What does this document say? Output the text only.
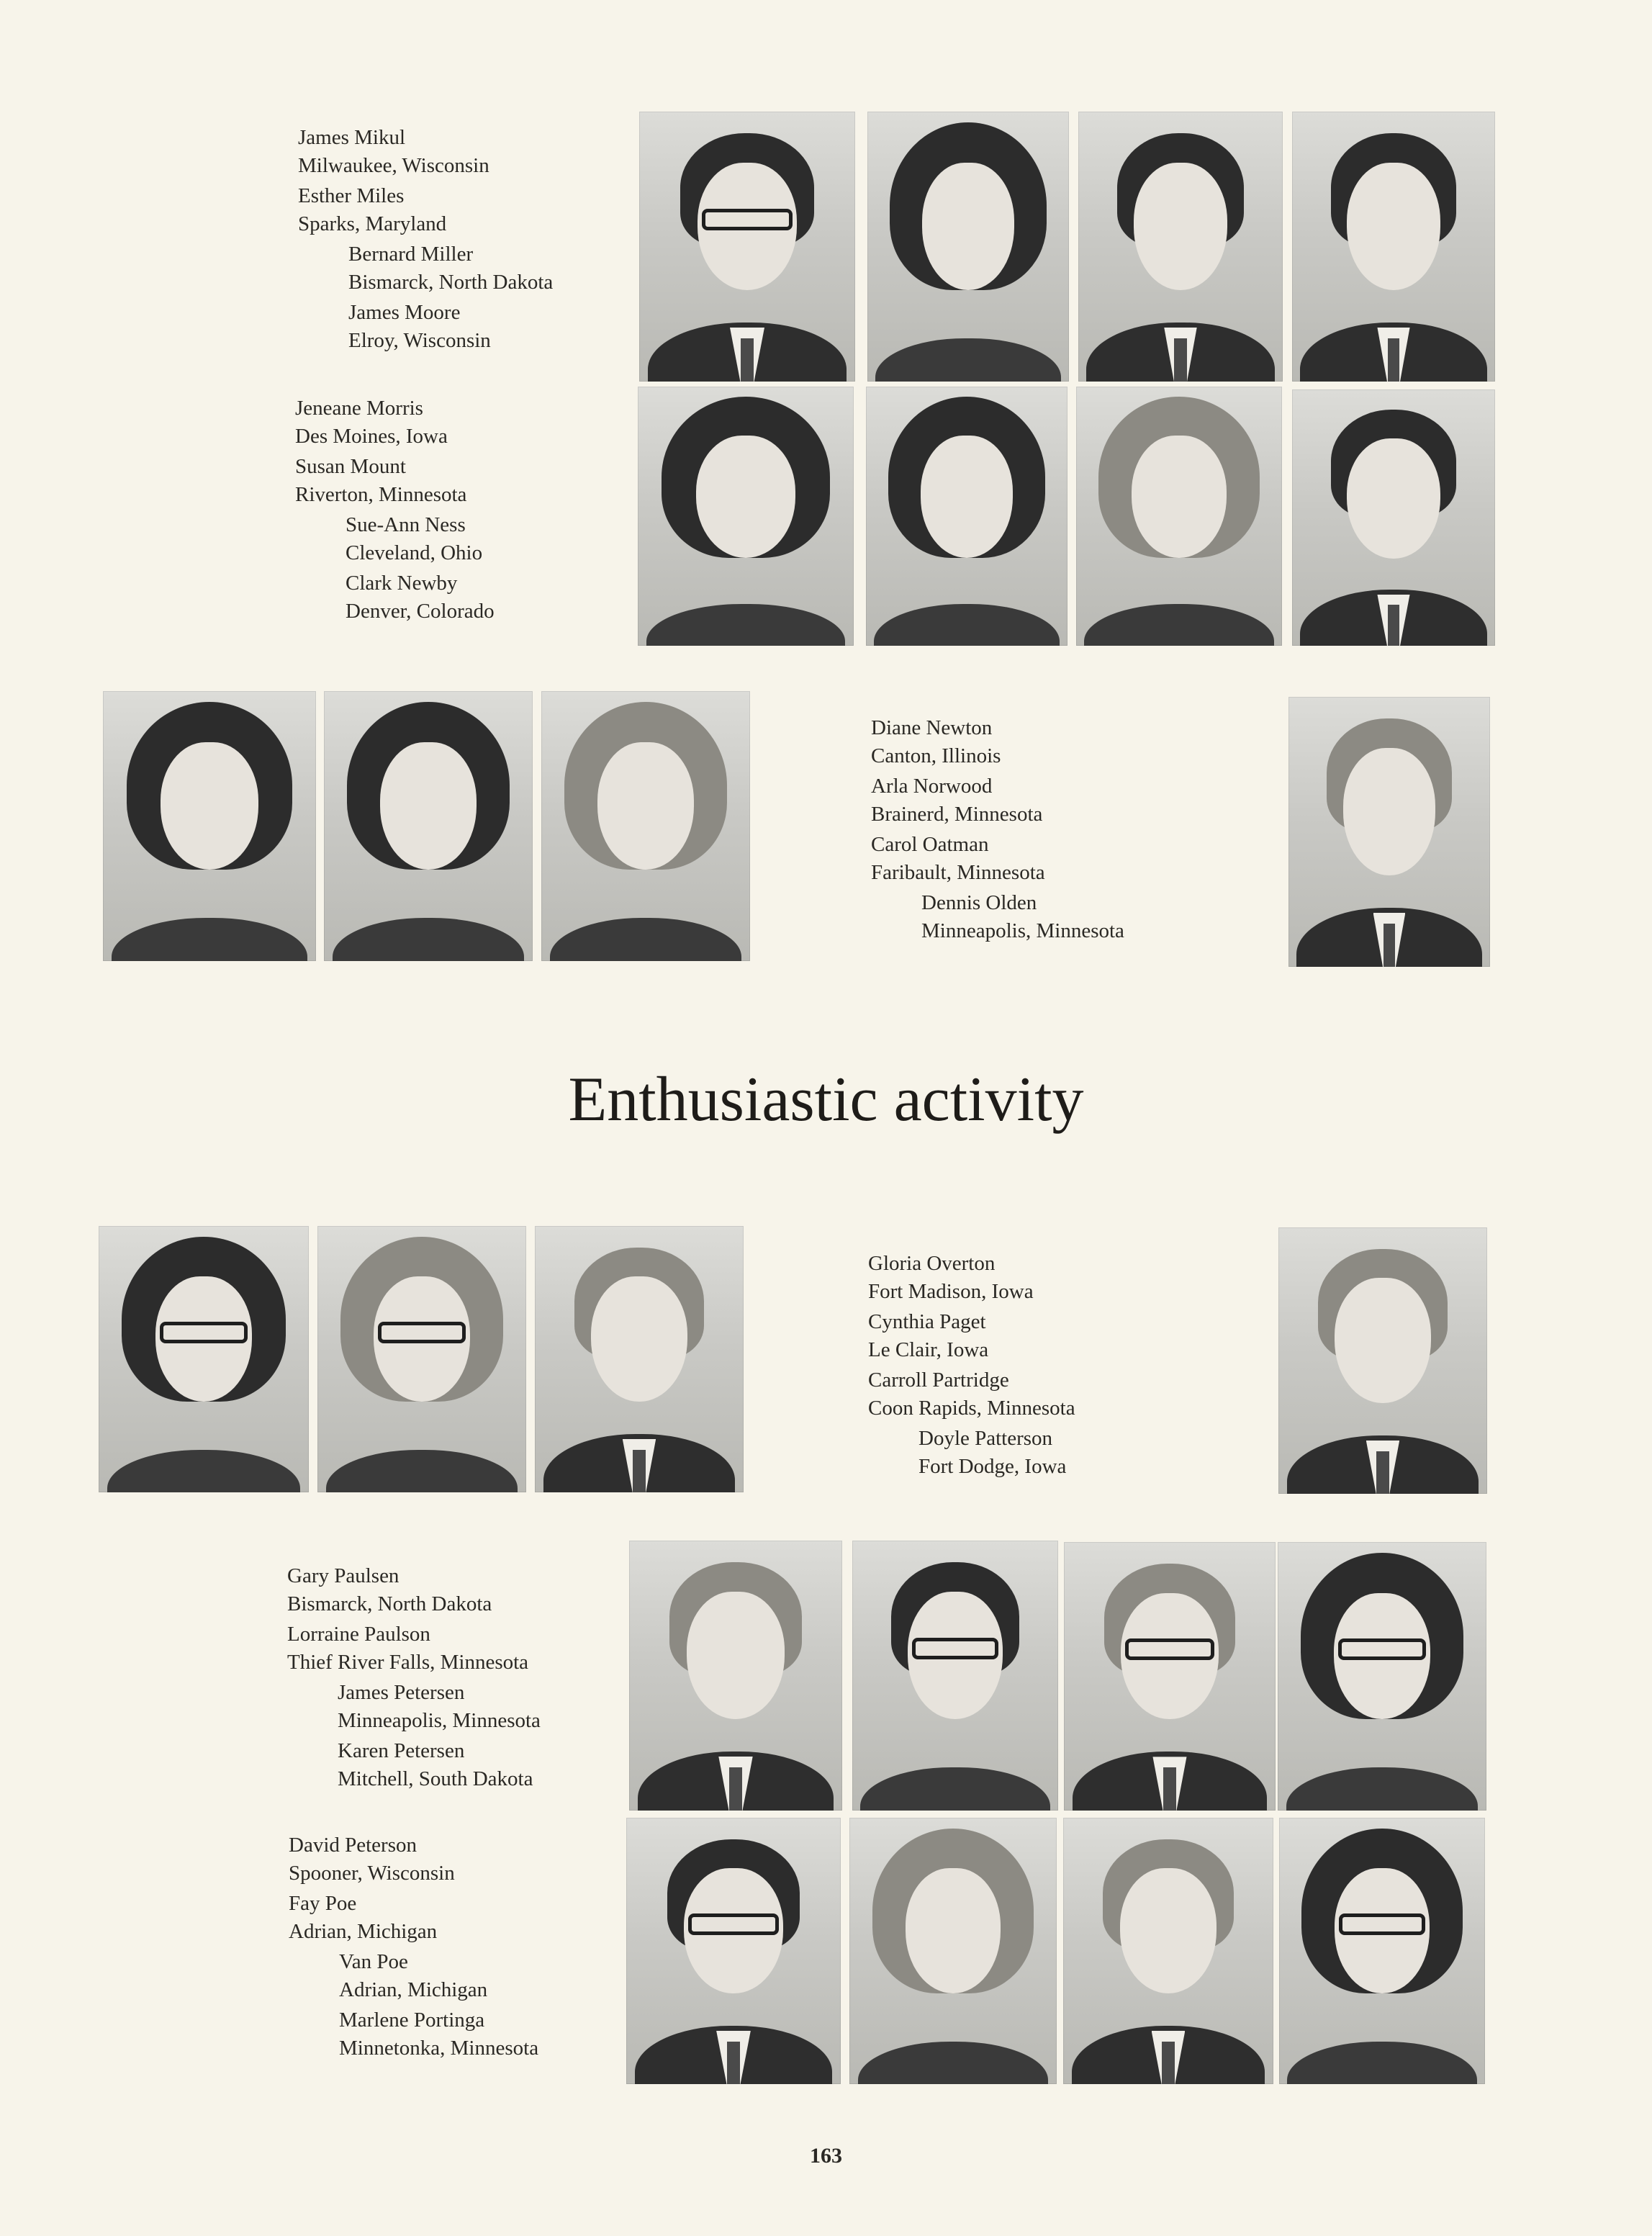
James Mikul
Milwaukee, Wisconsin
Esther Miles
Sparks, Maryland
Bernard Miller
Bismarck, North Dakota
James Moore
Elroy, Wisconsin
Jeneane Morris
Des Moines, Iowa
Susan Mount
Riverton, Minnesota
Sue-Ann Ness
Cleveland, Ohio
Clark Newby
Denver, Colorado
Diane Newton
Canton, Illinois
Arla Norwood
Brainerd, Minnesota
Carol Oatman
Faribault, Minnesota
Dennis Olden
Minneapolis, Minnesota
Enthusiastic activity
Gloria Overton
Fort Madison, Iowa
Cynthia Paget
Le Clair, Iowa
Carroll Partridge
Coon Rapids, Minnesota
Doyle Patterson
Fort Dodge, Iowa
Gary Paulsen
Bismarck, North Dakota
Lorraine Paulson
Thief River Falls, Minnesota
James Petersen
Minneapolis, Minnesota
Karen Petersen
Mitchell, South Dakota
David Peterson
Spooner, Wisconsin
Fay Poe
Adrian, Michigan
Van Poe
Adrian, Michigan
Marlene Portinga
Minnetonka, Minnesota
163
